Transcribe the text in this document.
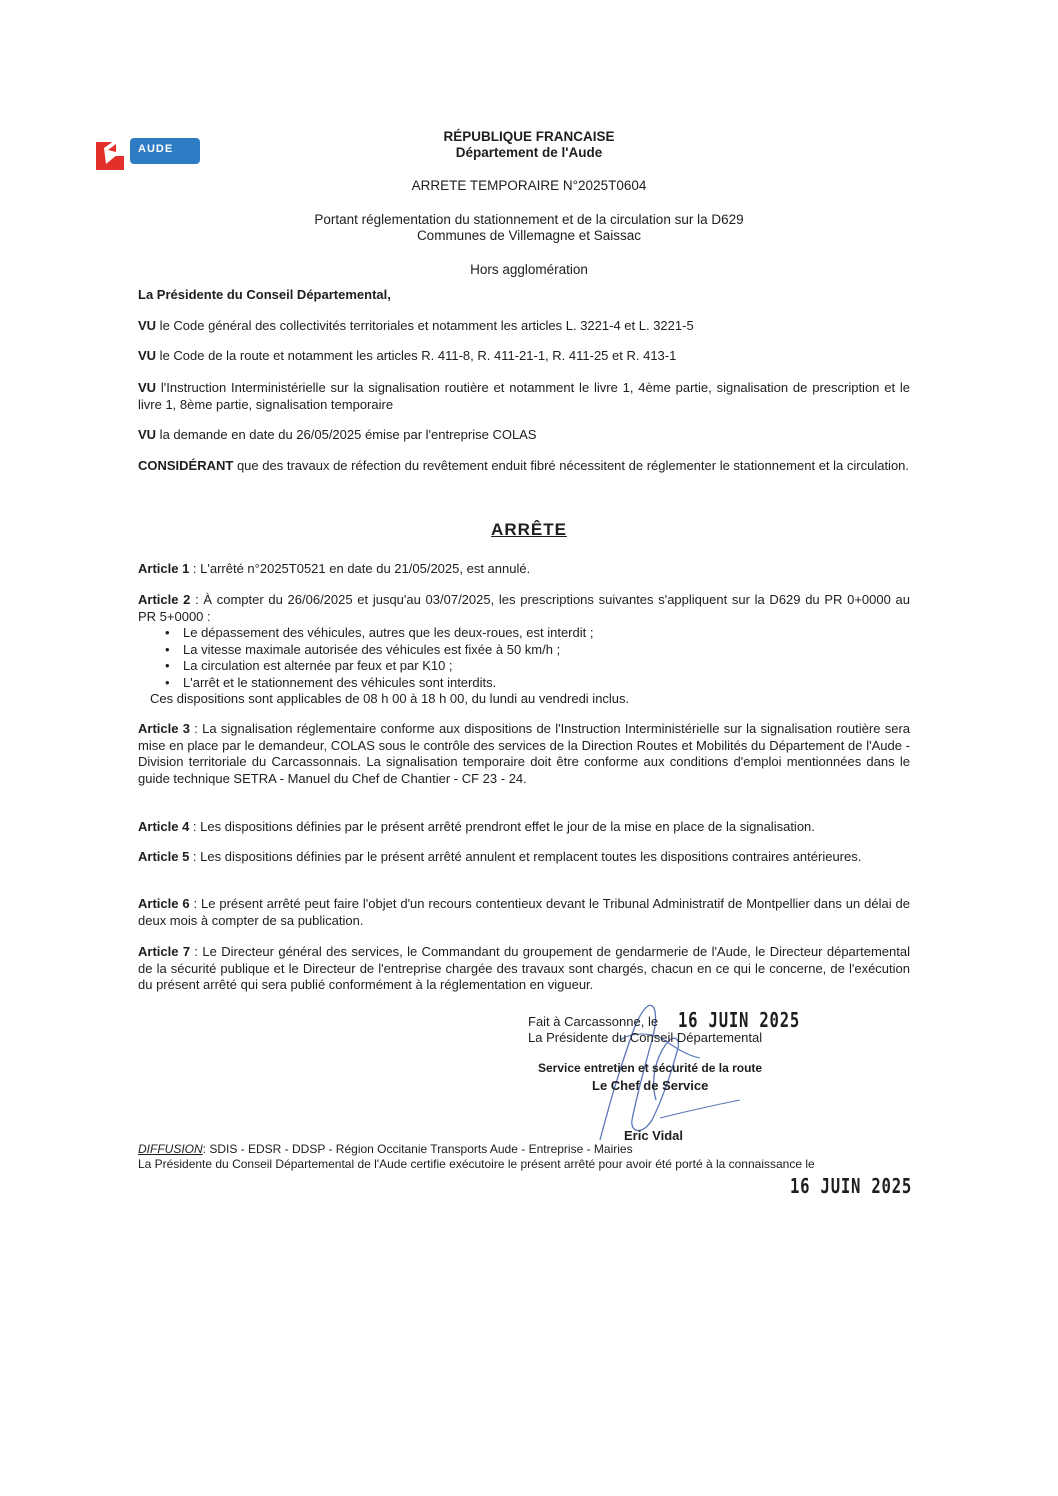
AUDE
RÉPUBLIQUE FRANCAISE
Département de l'Aude
ARRETE TEMPORAIRE N°2025T0604
Portant réglementation du stationnement et de la circulation sur la D629
Communes de Villemagne et Saissac
Hors agglomération
La Présidente du Conseil Départemental,

VU le Code général des collectivités territoriales et notamment les articles L. 3221-4 et L. 3221-5

VU le Code de la route et notamment les articles R. 411-8, R. 411-21-1, R. 411-25 et R. 413-1

VU l'Instruction Interministérielle sur la signalisation routière et notamment le livre 1, 4ème partie, signalisation de prescription et le livre 1, 8ème partie, signalisation temporaire

VU la demande en date du 26/05/2025 émise par l'entreprise COLAS

CONSIDÉRANT que des travaux de réfection du revêtement enduit fibré nécessitent de réglementer le stationnement et la circulation.

ARRÊTE

Article 1 : L'arrêté n°2025T0521 en date du 21/05/2025, est annulé.

Article 2 : À compter du 26/06/2025 et jusqu'au 03/07/2025, les prescriptions suivantes s'appliquent sur la D629 du PR 0+0000 au PR 5+0000 :

• Le dépassement des véhicules, autres que les deux-roues, est interdit ;
• La vitesse maximale autorisée des véhicules est fixée à 50 km/h ;
• La circulation est alternée par feux et par K10 ;
• L'arrêt et le stationnement des véhicules sont interdits.

Ces dispositions sont applicables de 08 h 00 à 18 h 00, du lundi au vendredi inclus.

Article 3 : La signalisation réglementaire conforme aux dispositions de l'Instruction Interministérielle sur la signalisation routière sera mise en place par le demandeur, COLAS sous le contrôle des services de la Direction Routes et Mobilités du Département de l'Aude - Division territoriale du Carcassonnais. La signalisation temporaire doit être conforme aux conditions d'emploi mentionnées dans le guide technique SETRA - Manuel du Chef de Chantier - CF 23 - 24.

Article 4 : Les dispositions définies par le présent arrêté prendront effet le jour de la mise en place de la signalisation.

Article 5 : Les dispositions définies par le présent arrêté annulent et remplacent toutes les dispositions contraires antérieures.

Article 6 : Le présent arrêté peut faire l'objet d'un recours contentieux devant le Tribunal Administratif de Montpellier dans un délai de deux mois à compter de sa publication.

Article 7 : Le Directeur général des services, le Commandant du groupement de gendarmerie de l'Aude, le Directeur départemental de la sécurité publique et le Directeur de l'entreprise chargée des travaux sont chargés, chacun en ce qui le concerne, de l'exécution du présent arrêté qui sera publié conformément à la réglementation en vigueur.

Fait à Carcassonne, le 16 JUIN 2025
La Présidente du Conseil Départemental
Service entretien et sécurité de la route
Le Chef de Service
Eric Vidal
DIFFUSION: SDIS - EDSR - DDSP - Région Occitanie Transports Aude - Entreprise - Mairies
La Présidente du Conseil Départemental de l'Aude certifie exécutoire le présent arrêté pour avoir été porté à la connaissance le
16 JUIN 2025
